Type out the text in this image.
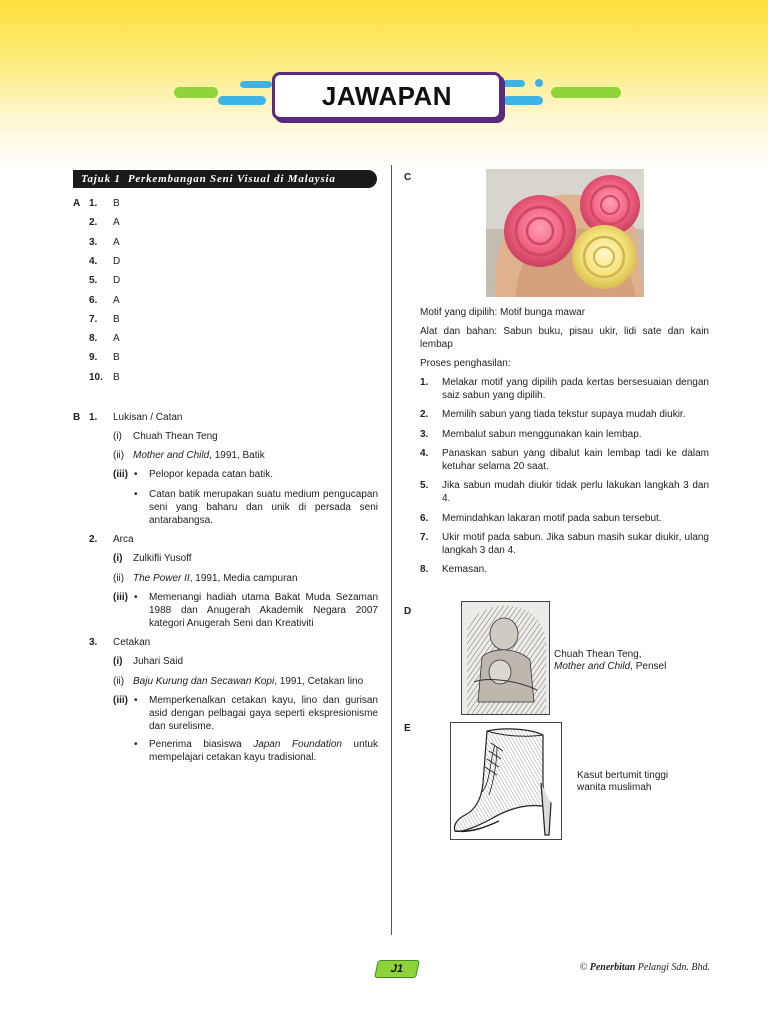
JAWAPAN
Tajuk 1  Perkembangan Seni Visual di Malaysia
A 1. B
2. A
3. A
4. D
5. D
6. A
7. B
8. A
9. B
10. B
B 1. Lukisan / Catan
(i) Chuah Thean Teng
(ii) Mother and Child, 1991, Batik
(iii) • Pelopor kepada catan batik.
• Catan batik merupakan suatu medium pengucapan seni yang baharu dan unik di persada seni antarabangsa.
2. Arca
(i) Zulkifli Yusoff
(ii) The Power II, 1991, Media campuran
(iii) • Memenangi hadiah utama Bakat Muda Sezaman 1988 dan Anugerah Akademik Negara 2007 kategori Anugerah Seni dan Kreativiti
3. Cetakan
(i) Juhari Said
(ii) Baju Kurung dan Secawan Kopi, 1991, Cetakan lino
(iii) • Memperkenalkan cetakan kayu, lino dan gurisan asid dengan pelbagai gaya seperti ekspresionisme dan surelisme.
• Penerima biasiswa Japan Foundation untuk mempelajari cetakan kayu tradisional.
C
Motif yang dipilih: Motif bunga mawar
Alat dan bahan: Sabun buku, pisau ukir, lidi sate dan kain lembap
Proses penghasilan:
1. Melakar motif yang dipilih pada kertas bersesuaian dengan saiz sabun yang dipilih.
2. Memilih sabun yang tiada tekstur supaya mudah diukir.
3. Membalut sabun menggunakan kain lembap.
4. Panaskan sabun yang dibalut kain lembap tadi ke dalam ketuhar selama 20 saat.
5. Jika sabun mudah diukir tidak perlu lakukan langkah 3 dan 4.
6. Memindahkan lakaran motif pada sabun tersebut.
7. Ukir motif pada sabun. Jika sabun masih sukar diukir, ulang langkah 3 dan 4.
8. Kemasan.
D
Chuah Thean Teng,
Mother and Child, Pensel
E
Kasut bertumit tinggi
wanita muslimah
J1	© Penerbitan Pelangi Sdn. Bhd.
